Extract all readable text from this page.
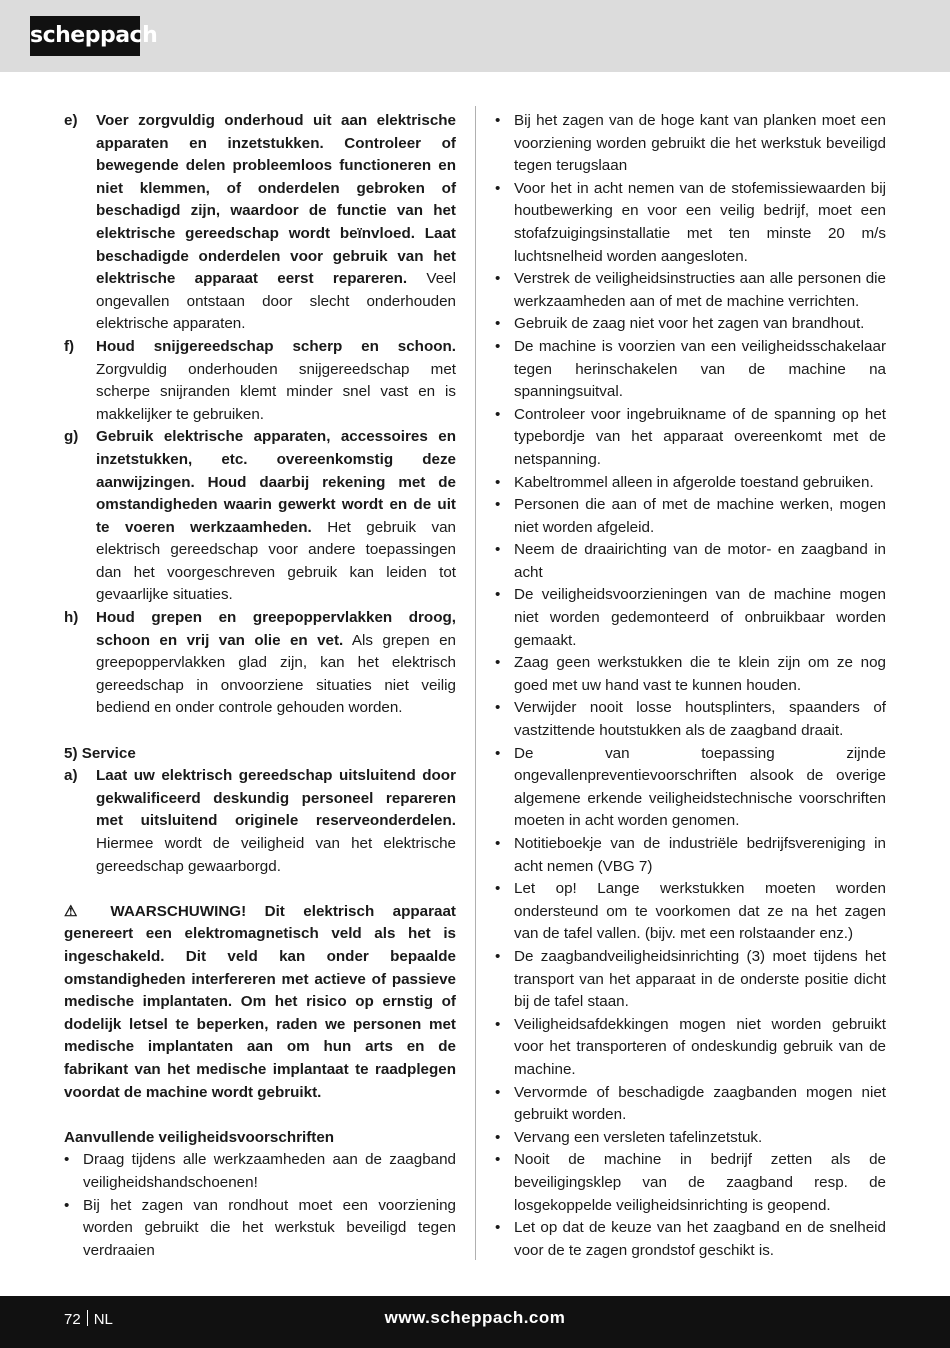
scheppach
e)	Voer zorgvuldig onderhoud uit aan elektrische apparaten en inzetstukken. Controleer of bewegende delen probleemloos functioneren en niet klemmen, of onderdelen gebroken of beschadigd zijn, waardoor de functie van het elektrische gereedschap wordt beïnvloed. Laat beschadigde onderdelen voor gebruik van het elektrische apparaat eerst repareren. Veel ongevallen ontstaan door slecht onderhouden elektrische apparaten.
f)	Houd snijgereedschap scherp en schoon. Zorgvuldig onderhouden snijgereedschap met scherpe snijranden klemt minder snel vast en is makkelijker te gebruiken.
g)	Gebruik elektrische apparaten, accessoires en inzetstukken, etc. overeenkomstig deze aanwijzingen. Houd daarbij rekening met de omstandigheden waarin gewerkt wordt en de uit te voeren werkzaamheden. Het gebruik van elektrisch gereedschap voor andere toepassingen dan het voorgeschreven gebruik kan leiden tot gevaarlijke situaties.
h)	Houd grepen en greepoppervlakken droog, schoon en vrij van olie en vet. Als grepen en greepoppervlakken glad zijn, kan het elektrisch gereedschap in onvoorziene situaties niet veilig bediend en onder controle gehouden worden.

5) Service

a)	Laat uw elektrisch gereedschap uitsluitend door gekwalificeerd deskundig personeel repareren met uitsluitend originele reserveonderdelen. Hiermee wordt de veiligheid van het elektrische gereedschap gewaarborgd.

⚠ WAARSCHUWING! Dit elektrisch apparaat genereert een elektromagnetisch veld als het is ingeschakeld. Dit veld kan onder bepaalde omstandigheden interfereren met actieve of passieve medische implantaten. Om het risico op ernstig of dodelijk letsel te beperken, raden we personen met medische implantaten aan om hun arts en de fabrikant van het medische implantaat te raadplegen voordat de machine wordt gebruikt.

Aanvullende veiligheidsvoorschriften

• Draag tijdens alle werkzaamheden aan de zaagband veiligheidshandschoenen!
• Bij het zagen van rondhout moet een voorziening worden gebruikt die het werkstuk beveiligd tegen verdraaien
• Bij het zagen van de hoge kant van planken moet een voorziening worden gebruikt die het werkstuk beveiligd tegen terugslaan
• Voor het in acht nemen van de stofemissiewaarden bij houtbewerking en voor een veilig bedrijf, moet een stofafzuigingsinstallatie met ten minste 20 m/s luchtsnelheid worden aangesloten.
• Verstrek de veiligheidsinstructies aan alle personen die werkzaamheden aan of met de machine verrichten.
• Gebruik de zaag niet voor het zagen van brandhout.
• De machine is voorzien van een veiligheidsschakelaar tegen herinschakelen van de machine na spanningsuitval.
• Controleer voor ingebruikname of de spanning op het typebordje van het apparaat overeenkomt met de netspanning.
• Kabeltrommel alleen in afgerolde toestand gebruiken.
• Personen die aan of met de machine werken, mogen niet worden afgeleid.
• Neem de draairichting van de motor- en zaagband in acht
• De veiligheidsvoorzieningen van de machine mogen niet worden gedemonteerd of onbruikbaar worden gemaakt.
• Zaag geen werkstukken die te klein zijn om ze nog goed met uw hand vast te kunnen houden.
• Verwijder nooit losse houtsplinters, spaanders of vastzittende houtstukken als de zaagband draait.
• De van toepassing zijnde ongevallenpreventievoorschriften alsook de overige algemene erkende veiligheidstechnische voorschriften moeten in acht worden genomen.
• Notitieboekje van de industriële bedrijfsvereniging in acht nemen (VBG 7)
• Let op! Lange werkstukken moeten worden ondersteund om te voorkomen dat ze na het zagen van de tafel vallen. (bijv. met een rolstaander enz.)
• De zaagbandveiligheidsinrichting (3) moet tijdens het transport van het apparaat in de onderste positie dicht bij de tafel staan.
• Veiligheidsafdekkingen mogen niet worden gebruikt voor het transporteren of ondeskundig gebruik van de machine.
• Vervormde of beschadigde zaagbanden mogen niet gebruikt worden.
• Vervang een versleten tafelinzetstuk.
• Nooit de machine in bedrijf zetten als de beveiligingsklep van de zaagband resp. de losgekoppelde veiligheidsinrichting is geopend.
• Let op dat de keuze van het zaagband en de snelheid voor de te zagen grondstof geschikt is.
72 NL	www.scheppach.com
